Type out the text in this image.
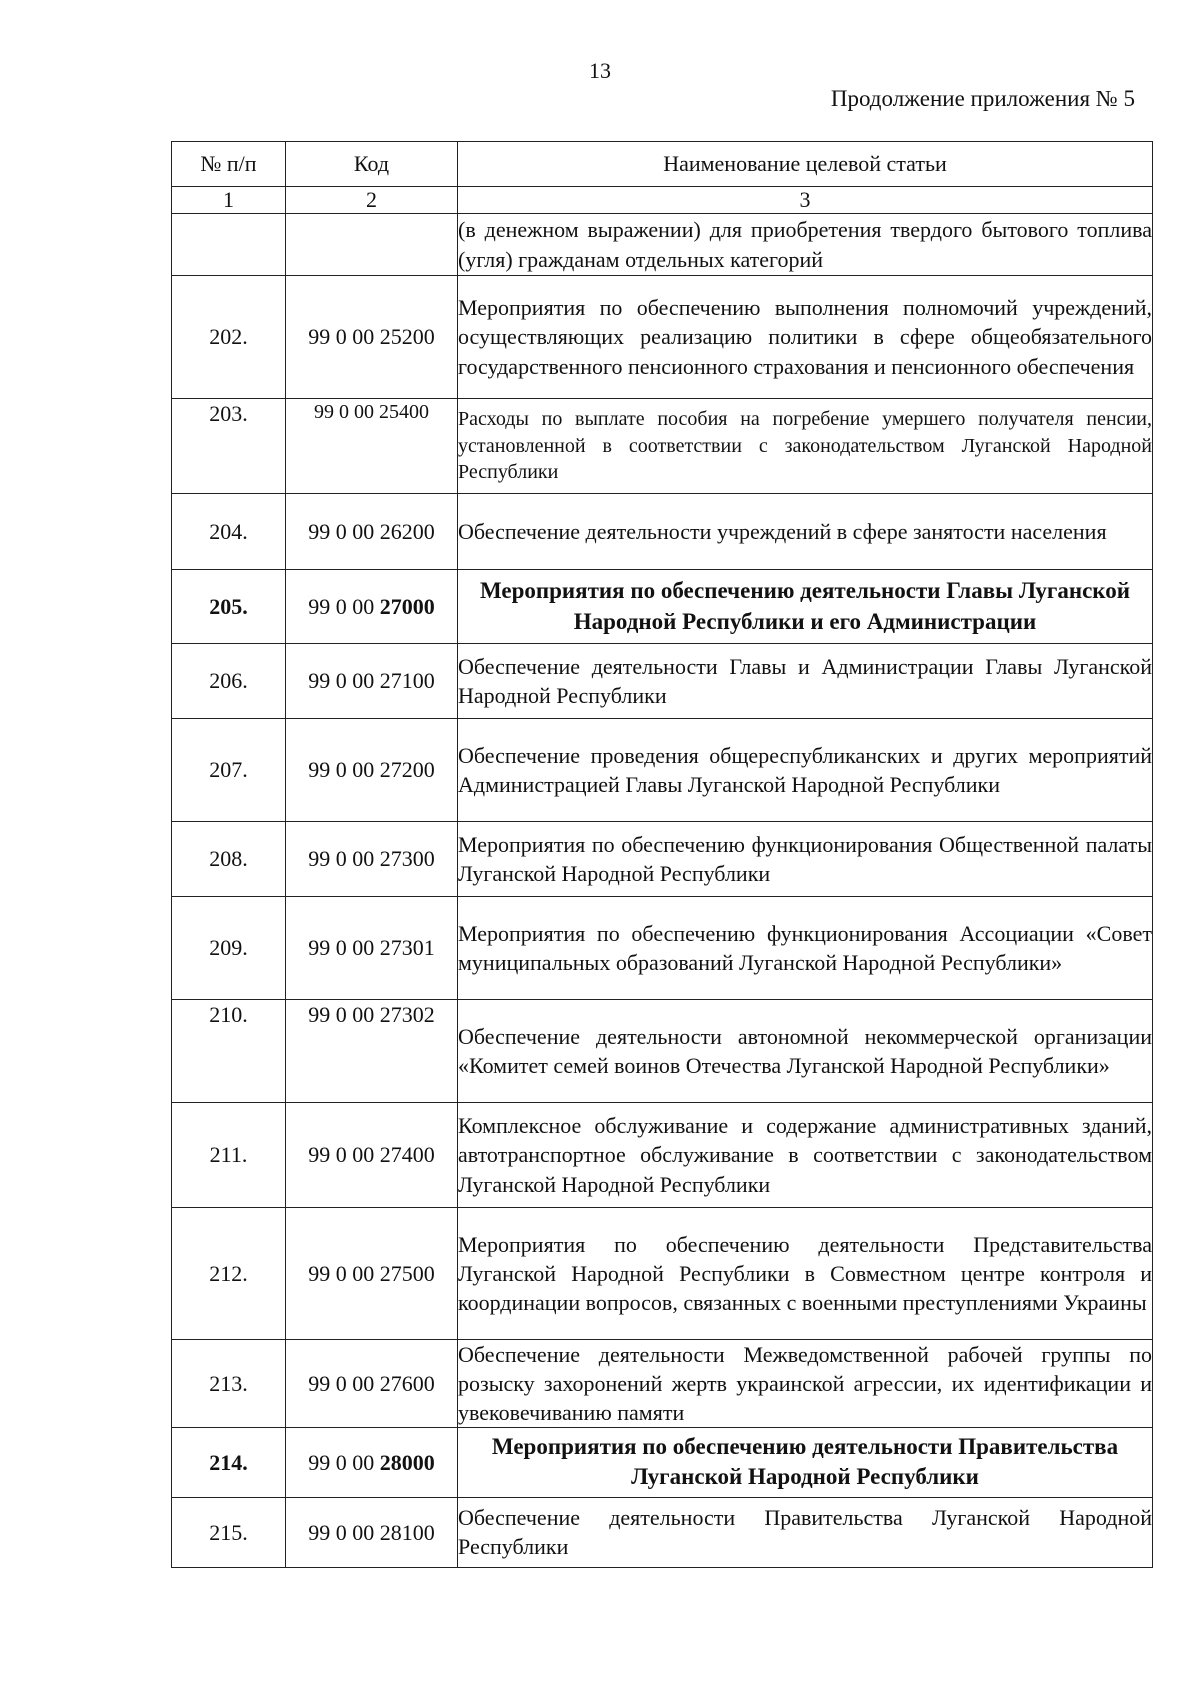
13
Продолжение приложения № 5
№ п/п	Код	Наименование целевой статьи
1	2	3
		(в денежном выражении) для приобретения твердого бытового топлива (угля) гражданам отдельных категорий
202.	99 0 00 25200	Мероприятия по обеспечению выполнения полномочий учреждений, осуществляющих реализацию политики в сфере общеобязательного государственного пенсионного страхования и пенсионного обеспечения
203.	99 0 00 25400	Расходы по выплате пособия на погребение умершего получателя пенсии, установленной в соответствии с законодательством Луганской Народной Республики
204.	99 0 00 26200	Обеспечение деятельности учреждений в сфере занятости населения
205.	99 0 00 27000	Мероприятия по обеспечению деятельности Главы Луганской Народной Республики и его Администрации
206.	99 0 00 27100	Обеспечение деятельности Главы и Администрации Главы Луганской Народной Республики
207.	99 0 00 27200	Обеспечение проведения общереспубликанских и других мероприятий Администрацией Главы Луганской Народной Республики
208.	99 0 00 27300	Мероприятия по обеспечению функционирования Общественной палаты Луганской Народной Республики
209.	99 0 00 27301	Мероприятия по обеспечению функционирования Ассоциации «Совет муниципальных образований Луганской Народной Республики»
210.	99 0 00 27302	Обеспечение деятельности автономной некоммерческой организации «Комитет семей воинов Отечества Луганской Народной Республики»
211.	99 0 00 27400	Комплексное обслуживание и содержание административных зданий, автотранспортное обслуживание в соответствии с законодательством Луганской Народной Республики
212.	99 0 00 27500	Мероприятия по обеспечению деятельности Представительства Луганской Народной Республики в Совместном центре контроля и координации вопросов, связанных с военными преступлениями Украины
213.	99 0 00 27600	Обеспечение деятельности Межведомственной рабочей группы по розыску захоронений жертв украинской агрессии, их идентификации и увековечиванию памяти
214.	99 0 00 28000	Мероприятия по обеспечению деятельности Правительства Луганской Народной Республики
215.	99 0 00 28100	Обеспечение деятельности Правительства Луганской Народной Республики
